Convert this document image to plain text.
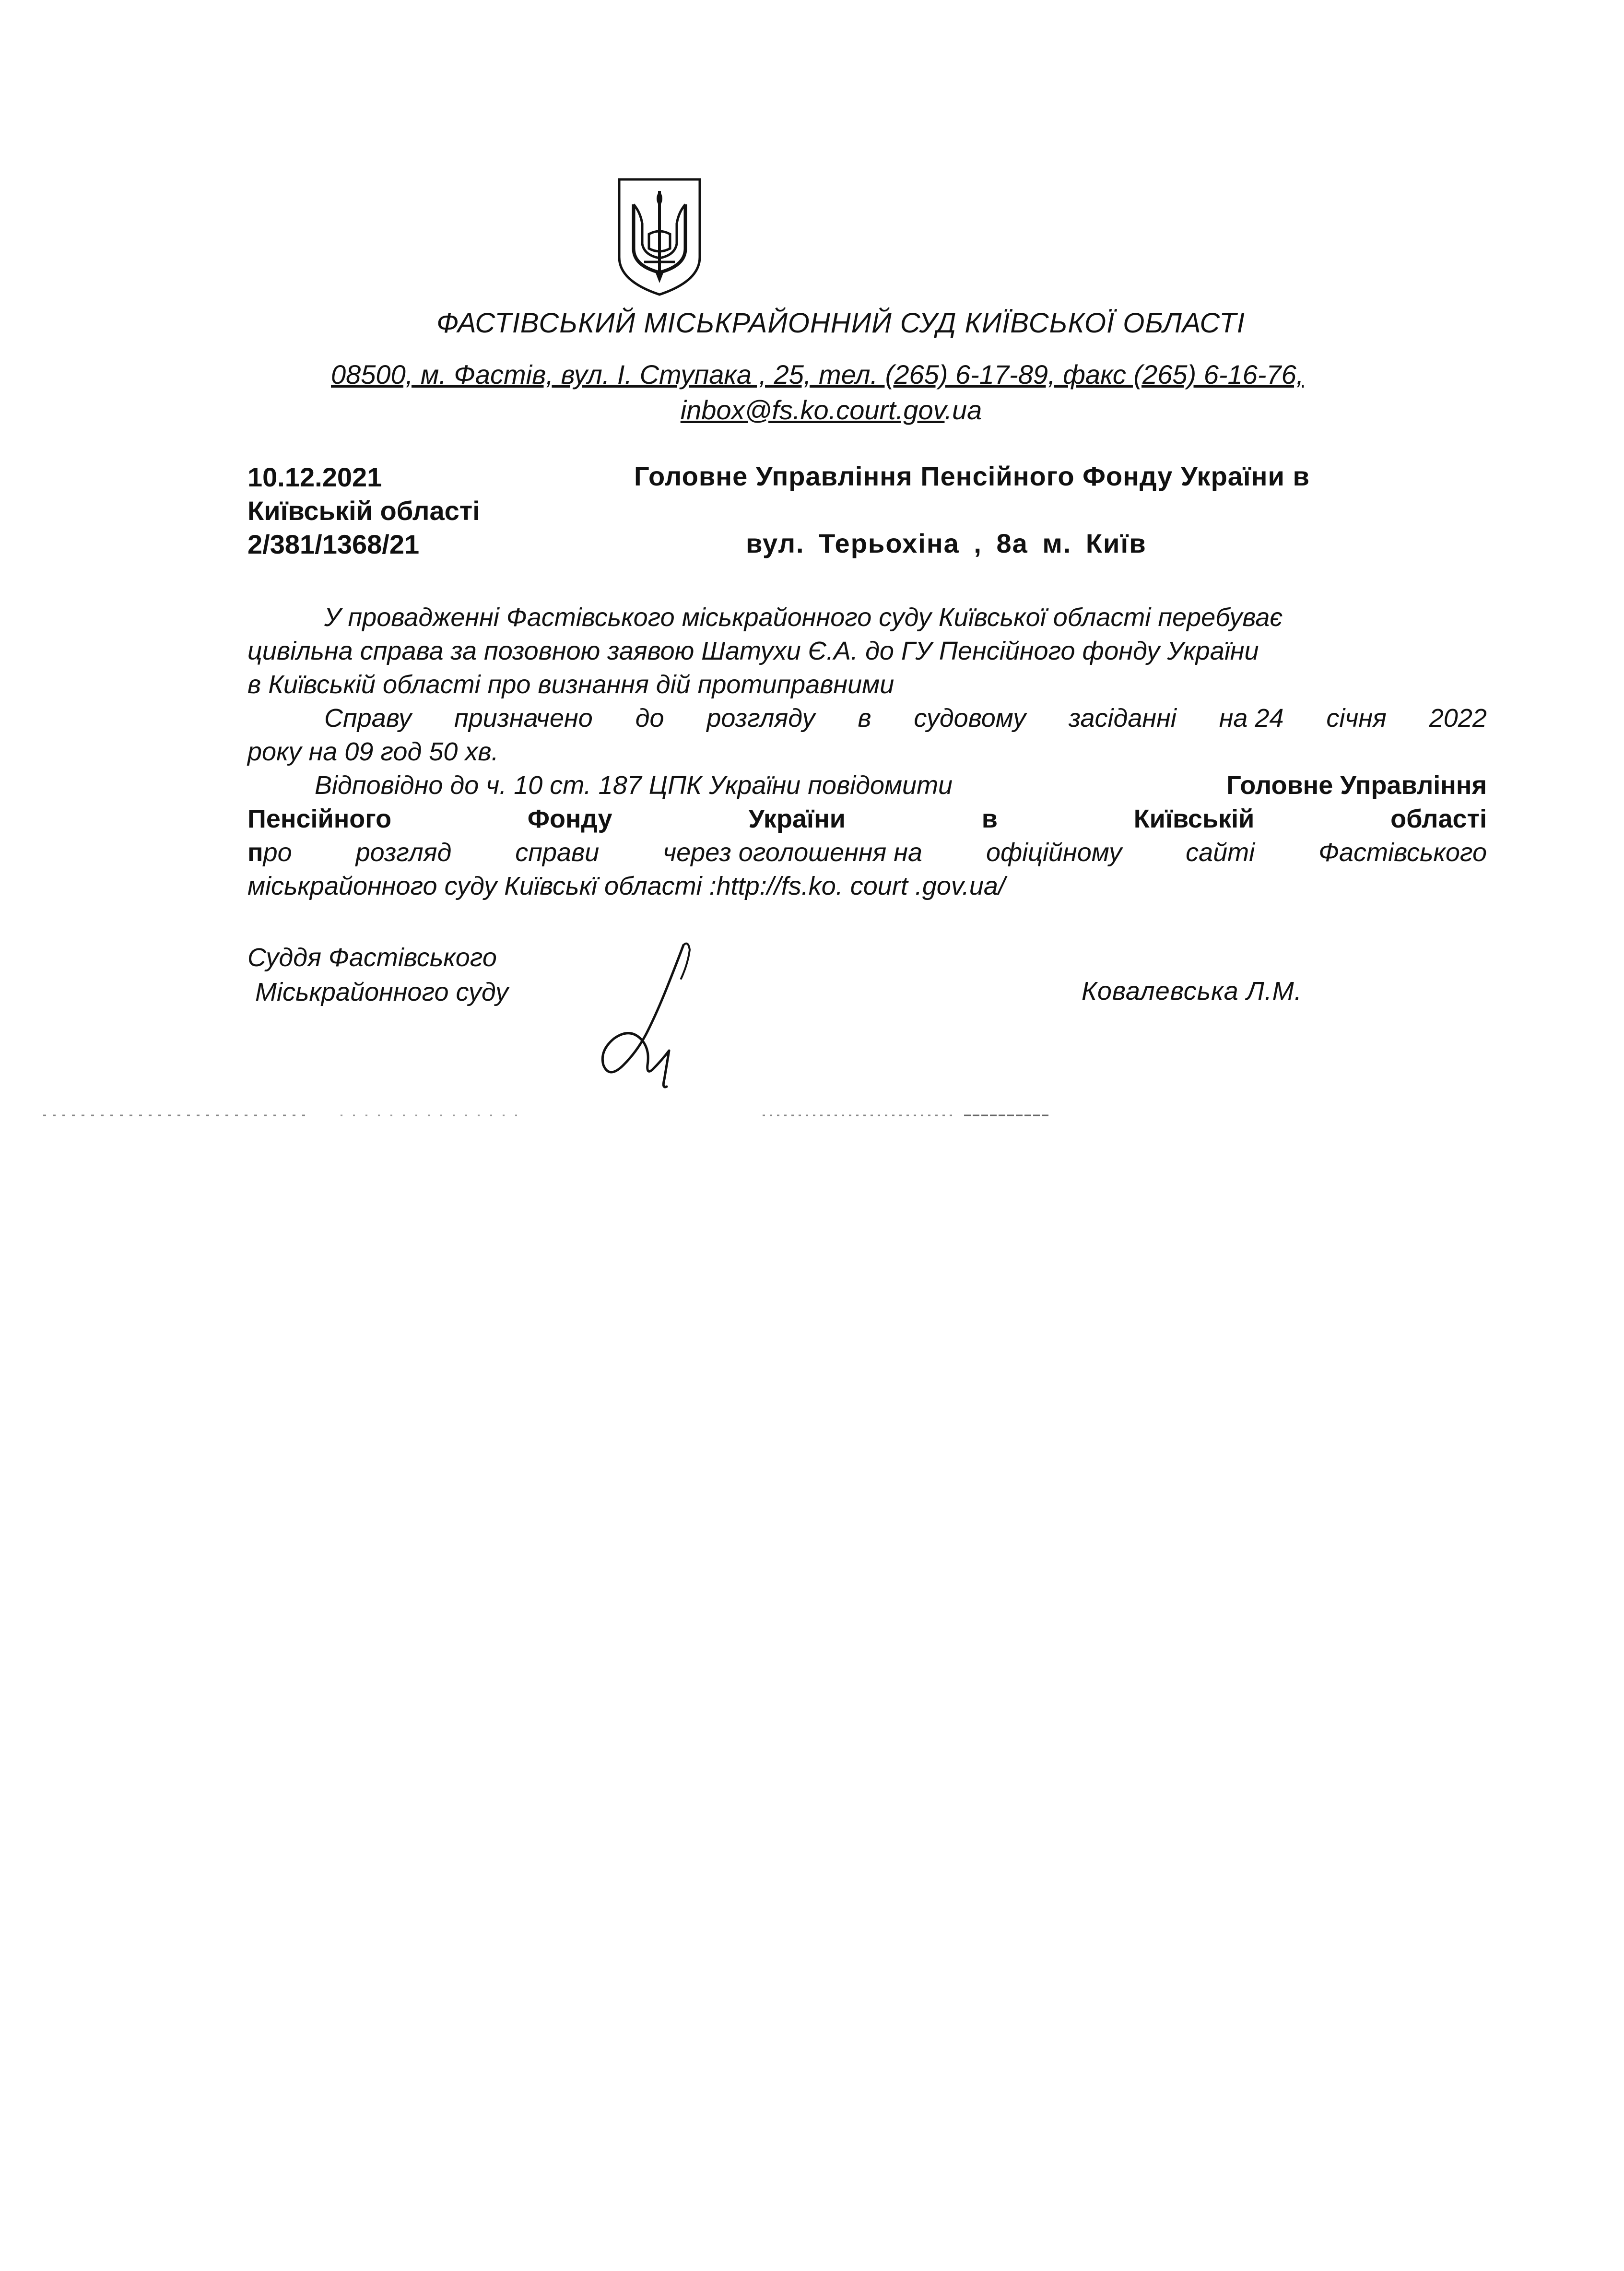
ФАСТІВСЬКИЙ МІСЬКРАЙОННИЙ СУД КИЇВСЬКОЇ ОБЛАСТІ
08500, м. Фастів, вул. І. Ступака , 25, тел. (265) 6-17-89, факс (265) 6-16-76,
inbox@fs.ko.court.gov.ua
10.12.2021
Київській області
2/381/1368/21
Головне Управління Пенсійного Фонду України в
вул. Терьохіна , 8а м. Київ
У провадженні Фастівського міськрайонного суду Київської області перебуває
цивільна справа за позовною заявою Шатухи Є.А. до ГУ Пенсійного фонду України
в Київській області про визнання дій протиправними
Справу призначено до розгляду в судовому засіданні на 24 січня 2022
року на 09 год 50 хв.
Відповідно до ч. 10 ст. 187 ЦПК України повідомити	Головне Управління
Пенсійного	Фонду	України	в	Київській	області
про розгляд справи через оголошення на офіційному сайті Фастівського
міськрайонного суду Київськї області :http://fs.ko. court .gov.ua/
Суддя Фастівського
Міськрайонного суду	Ковалевська Л.М.
